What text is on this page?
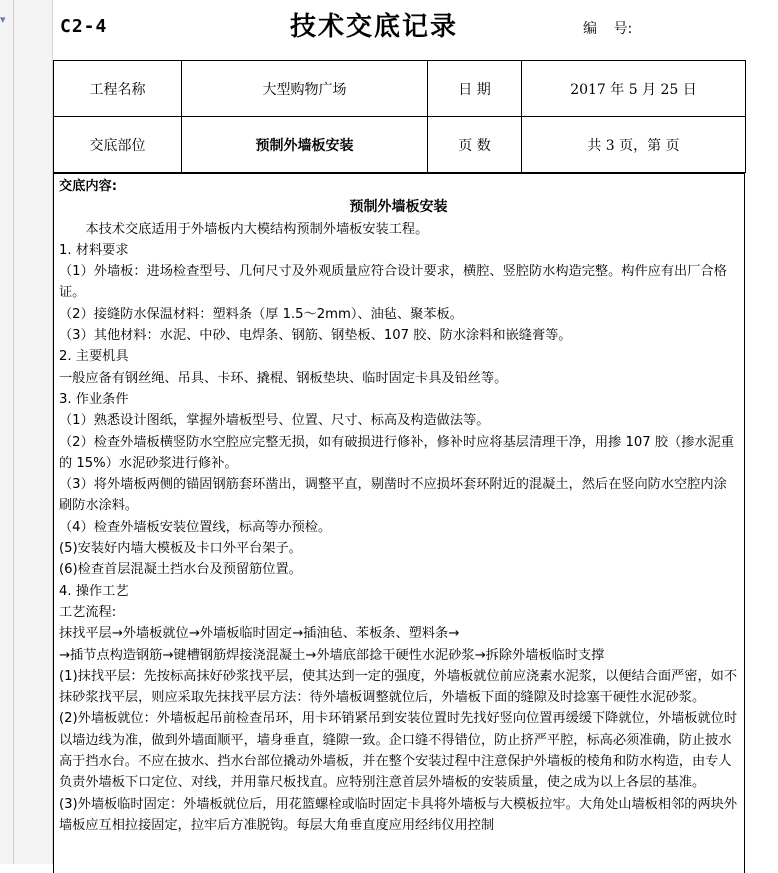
▾	C2-4	技术交底记录	编 号:
工程名称	大型购物广场	日 期	2017 年 5 月 25 日
交底部位	预制外墙板安装	页 数	共 3 页，第 页

交底内容:

预制外墙板安装

本技术交底适用于外墙板内大模结构预制外墙板安装工程。

1. 材料要求

（1）外墙板：进场检查型号、几何尺寸及外观质量应符合设计要求，横腔、竖腔防水构造完整。构件应有出厂合格证。

（2）接缝防水保温材料：塑料条（厚 1.5～2mm）、油毡、聚苯板。

（3）其他材料：水泥、中砂、电焊条、钢筋、钢垫板、107 胶、防水涂料和嵌缝膏等。

2. 主要机具

一般应备有钢丝绳、吊具、卡环、撬棍、钢板垫块、临时固定卡具及铅丝等。

3. 作业条件

（1）熟悉设计图纸，掌握外墙板型号、位置、尺寸、标高及构造做法等。

（2）检查外墙板横竖防水空腔应完整无损，如有破损进行修补，修补时应将基层清理干净，用掺 107 胶（掺水泥重的 15%）水泥砂浆进行修补。

（3）将外墙板两侧的锚固钢筋套环凿出，调整平直，剔凿时不应损坏套环附近的混凝土，然后在竖向防水空腔内涂刷防水涂料。

（4）检查外墙板安装位置线，标高等办预检。

(5)安装好内墙大模板及卡口外平台架子。

(6)检查首层混凝土挡水台及预留筋位置。

4. 操作工艺

工艺流程:

抹找平层→外墙板就位→外墙板临时固定→插油毡、苯板条、塑料条→

→插节点构造钢筋→键槽钢筋焊接浇混凝土→外墙底部捻干硬性水泥砂浆→拆除外墙板临时支撑

(1)抹找平层：先按标高抹好砂浆找平层，使其达到一定的强度，外墙板就位前应浇素水泥浆，以便结合面严密，如不抹砂浆找平层，则应采取先抹找平层方法：待外墙板调整就位后，外墙板下面的缝隙及时捻塞干硬性水泥砂浆。

(2)外墙板就位：外墙板起吊前检查吊环，用卡环销紧吊到安装位置时先找好竖向位置再缓缓下降就位，外墙板就位时以墙边线为准，做到外墙面顺平，墙身垂直，缝隙一致。企口缝不得错位，防止挤严平腔，标高必须准确，防止披水高于挡水台。不应在披水、挡水台部位撬动外墙板，并在整个安装过程中注意保护外墙板的棱角和防水构造，由专人负责外墙板下口定位、对线，并用靠尺板找直。应特别注意首层外墙板的安装质量，使之成为以上各层的基准。

(3)外墙板临时固定：外墙板就位后，用花篮螺栓或临时固定卡具将外墙板与大模板拉牢。大角处山墙板相邻的两块外墙板应互相拉接固定，拉牢后方准脱钩。每层大角垂直度应用经纬仪用控制
